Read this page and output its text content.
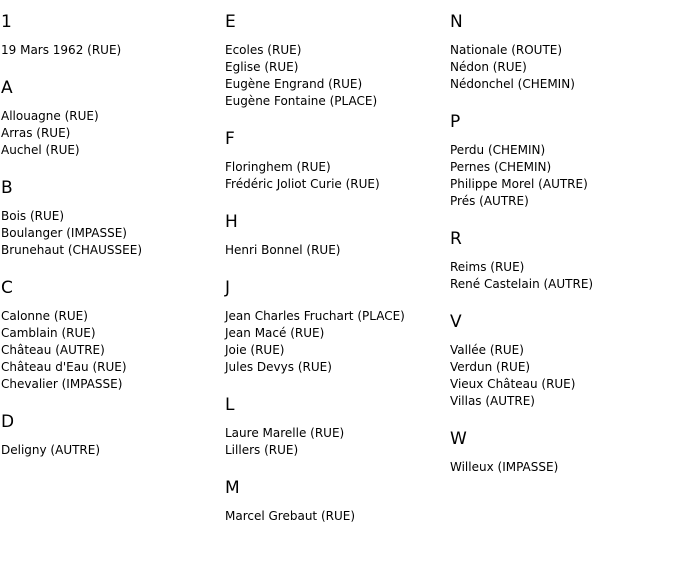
1
19 Mars 1962 (RUE)
A
Allouagne (RUE)
Arras (RUE)
Auchel (RUE)
B
Bois (RUE)
Boulanger (IMPASSE)
Brunehaut (CHAUSSEE)
C
Calonne (RUE)
Camblain (RUE)
Château (AUTRE)
Château d'Eau (RUE)
Chevalier (IMPASSE)
D
Deligny (AUTRE)
E
Ecoles (RUE)
Eglise (RUE)
Eugène Engrand (RUE)
Eugène Fontaine (PLACE)
F
Floringhem (RUE)
Frédéric Joliot Curie (RUE)
H
Henri Bonnel (RUE)
J
Jean Charles Fruchart (PLACE)
Jean Macé (RUE)
Joie (RUE)
Jules Devys (RUE)
L
Laure Marelle (RUE)
Lillers (RUE)
M
Marcel Grebaut (RUE)
N
Nationale (ROUTE)
Nédon (RUE)
Nédonchel (CHEMIN)
P
Perdu (CHEMIN)
Pernes (CHEMIN)
Philippe Morel (AUTRE)
Prés (AUTRE)
R
Reims (RUE)
René Castelain (AUTRE)
V
Vallée (RUE)
Verdun (RUE)
Vieux Château (RUE)
Villas (AUTRE)
W
Willeux (IMPASSE)
